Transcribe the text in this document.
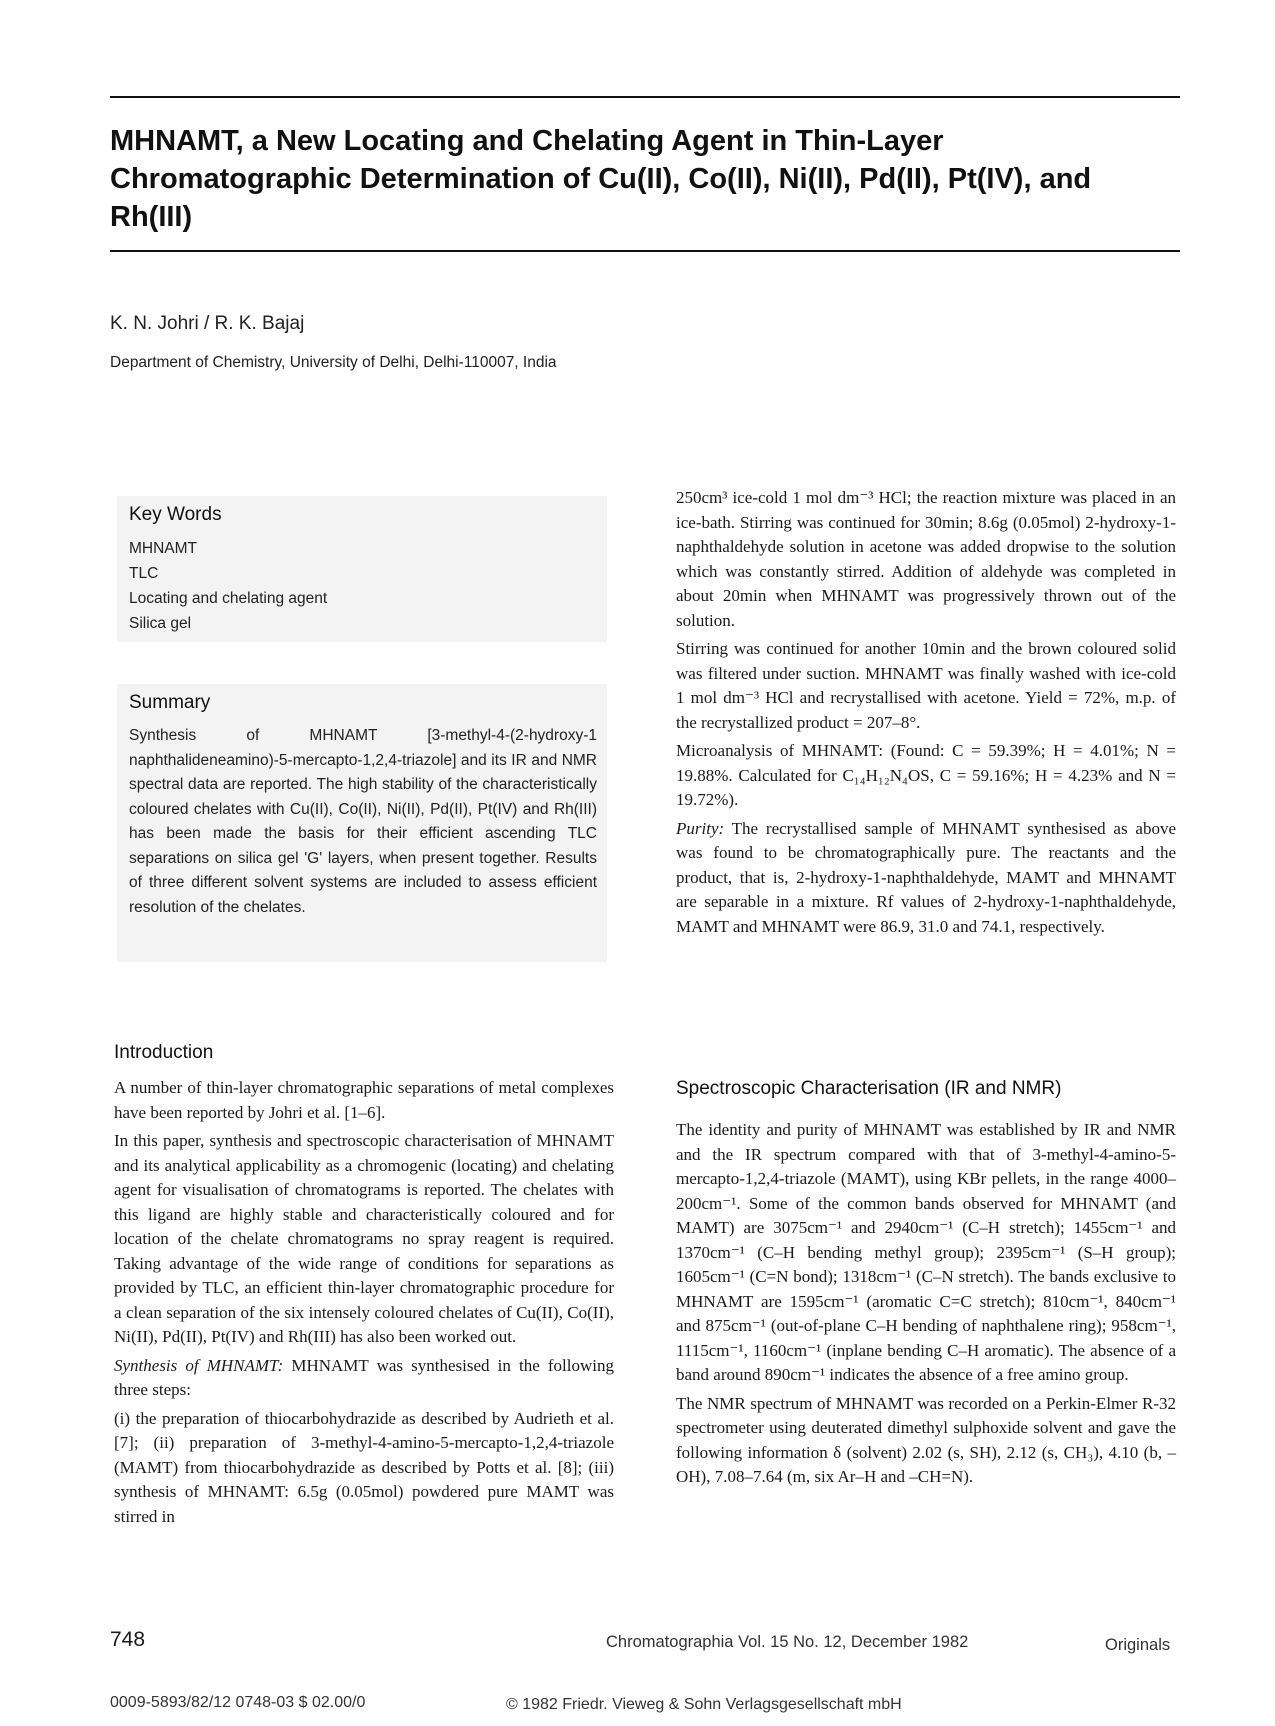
MHNAMT, a New Locating and Chelating Agent in Thin-Layer Chromatographic Determination of Cu(II), Co(II), Ni(II), Pd(II), Pt(IV), and Rh(III)
K. N. Johri / R. K. Bajaj
Department of Chemistry, University of Delhi, Delhi-110007, India
Key Words
MHNAMT
TLC
Locating and chelating agent
Silica gel
Summary

Synthesis of MHNAMT [3-methyl-4-(2-hydroxy-1 naphthalideneamino)-5-mercapto-1,2,4-triazole] and its IR and NMR spectral data are reported. The high stability of the characteristically coloured chelates with Cu(II), Co(II), Ni(II), Pd(II), Pt(IV) and Rh(III) has been made the basis for their efficient ascending TLC separations on silica gel 'G' layers, when present together. Results of three different solvent systems are included to assess efficient resolution of the chelates.

Introduction

A number of thin-layer chromatographic separations of metal complexes have been reported by Johri et al. [1–6].

In this paper, synthesis and spectroscopic characterisation of MHNAMT and its analytical applicability as a chromogenic (locating) and chelating agent for visualisation of chromatograms is reported. The chelates with this ligand are highly stable and characteristically coloured and for location of the chelate chromatograms no spray reagent is required. Taking advantage of the wide range of conditions for separations as provided by TLC, an efficient thin-layer chromatographic procedure for a clean separation of the six intensely coloured chelates of Cu(II), Co(II), Ni(II), Pd(II), Pt(IV) and Rh(III) has also been worked out.

Synthesis of MHNAMT: MHNAMT was synthesised in the following three steps:

(i) the preparation of thiocarbohydrazide as described by Audrieth et al. [7]; (ii) preparation of 3-methyl-4-amino-5-mercapto-1,2,4-triazole (MAMT) from thiocarbohydrazide as described by Potts et al. [8]; (iii) synthesis of MHNAMT: 6.5g (0.05mol) powdered pure MAMT was stirred in

250cm³ ice-cold 1 mol dm⁻³ HCl; the reaction mixture was placed in an ice-bath. Stirring was continued for 30min; 8.6g (0.05mol) 2-hydroxy-1-naphthaldehyde solution in acetone was added dropwise to the solution which was constantly stirred. Addition of aldehyde was completed in about 20min when MHNAMT was progressively thrown out of the solution.

Stirring was continued for another 10min and the brown coloured solid was filtered under suction. MHNAMT was finally washed with ice-cold 1 mol dm⁻³ HCl and recrystallised with acetone. Yield = 72%, m.p. of the recrystallized product = 207–8°.

Microanalysis of MHNAMT: (Found: C = 59.39%; H = 4.01%; N = 19.88%. Calculated for C₁₄H₁₂N₄OS, C = 59.16%; H = 4.23% and N = 19.72%).

Purity: The recrystallised sample of MHNAMT synthesised as above was found to be chromatographically pure. The reactants and the product, that is, 2-hydroxy-1-naphthaldehyde, MAMT and MHNAMT are separable in a mixture. Rf values of 2-hydroxy-1-naphthaldehyde, MAMT and MHNAMT were 86.9, 31.0 and 74.1, respectively.

Spectroscopic Characterisation (IR and NMR)

The identity and purity of MHNAMT was established by IR and NMR and the IR spectrum compared with that of 3-methyl-4-amino-5-mercapto-1,2,4-triazole (MAMT), using KBr pellets, in the range 4000–200cm⁻¹. Some of the common bands observed for MHNAMT (and MAMT) are 3075cm⁻¹ and 2940cm⁻¹ (C–H stretch); 1455cm⁻¹ and 1370cm⁻¹ (C–H bending methyl group); 2395cm⁻¹ (S–H group); 1605cm⁻¹ (C=N bond); 1318cm⁻¹ (C–N stretch). The bands exclusive to MHNAMT are 1595cm⁻¹ (aromatic C=C stretch); 810cm⁻¹, 840cm⁻¹ and 875cm⁻¹ (out-of-plane C–H bending of naphthalene ring); 958cm⁻¹, 1115cm⁻¹, 1160cm⁻¹ (inplane bending C–H aromatic). The absence of a band around 890cm⁻¹ indicates the absence of a free amino group.

The NMR spectrum of MHNAMT was recorded on a Perkin-Elmer R-32 spectrometer using deuterated dimethyl sulphoxide solvent and gave the following information δ (solvent) 2.02 (s, SH), 2.12 (s, CH₃), 4.10 (b, –OH), 7.08–7.64 (m, six Ar–H and –CH=N).

748	Chromatographia Vol. 15 No. 12, December 1982	Originals
0009-5893/82/12 0748-03 $ 02.00/0	© 1982 Friedr. Vieweg & Sohn Verlagsgesellschaft mbH
